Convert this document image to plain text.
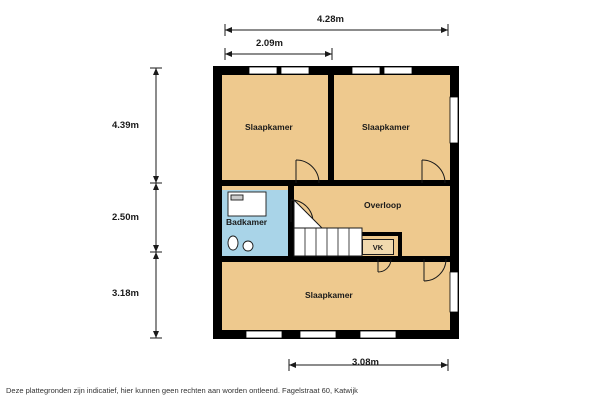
4.28m
2.09m
4.39m
2.50m
3.18m
3.08m
Slaapkamer	Slaapkamer
Badkamer
Overloop
Slaapkamer
VK
Deze plattegronden zijn indicatief, hier kunnen geen rechten aan worden ontleend. Fagelstraat 60, Katwijk
